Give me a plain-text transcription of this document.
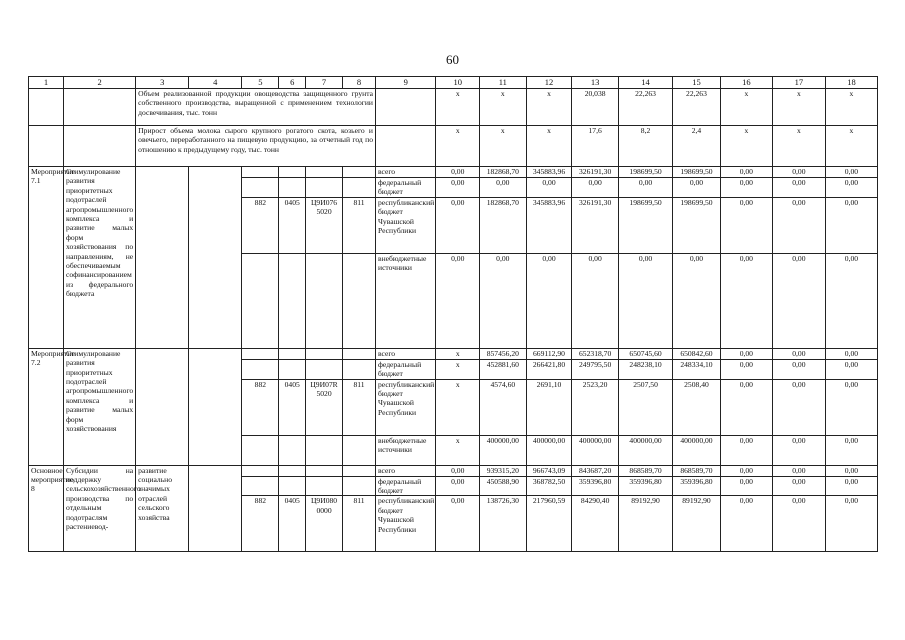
60
1	2	3	4	5	6	7	8	9	10	11	12	13	14	15	16	17	18
		Объем реализованной продукции овощеводства защищенного грунта собственного производства, выращенной с применением технологии досвечивания, тыс. тонн							x	x	x	20,038	22,263	22,263	x	x	x
		Прирост объема молока сырого крупного рогатого скота, козьего и овечьего, переработанного на пищевую продукцию, за отчетный год по отношению к предыдущему году, тыс. тонн							x	x	x	17,6	8,2	2,4	x	x	x
Мероприятие 7.1	Стимулирование развития приоритетных подотраслей агропромышленного комплекса и развитие малых форм хозяйствования по направлениям, не обеспечиваемым софинансированием из федерального бюджета							всего	0,00	182868,70	345883,96	326191,30	198699,50	198699,50	0,00	0,00	0,00
								федеральный бюджет	0,00	0,00	0,00	0,00	0,00	0,00	0,00	0,00	0,00
				882	0405	Ц9И076 5020	811	республиканский бюджет Чувашской Республики	0,00	182868,70	345883,96	326191,30	198699,50	198699,50	0,00	0,00	0,00
								внебюджетные источники	0,00	0,00	0,00	0,00	0,00	0,00	0,00	0,00	0,00
Мероприятие 7.2	Стимулирование развития приоритетных подотраслей агропромышленного комплекса и развитие малых форм хозяйствования							всего	x	857456,20	669112,90	652318,70	650745,60	650842,60	0,00	0,00	0,00
								федеральный бюджет	x	452881,60	266421,80	249795,50	248238,10	248334,10	0,00	0,00	0,00
				882	0405	Ц9И07R 5020	811	республиканский бюджет Чувашской Республики	x	4574,60	2691,10	2523,20	2507,50	2508,40	0,00	0,00	0,00
								внебюджетные источники	x	400000,00	400000,00	400000,00	400000,00	400000,00	0,00	0,00	0,00
Основное мероприятие 8	Субсидии на поддержку сельскохозяйственного производства по отдельным подотраслям растениевод-	развитие социально значимых отраслей сельского хозяйства						всего	0,00	939315,20	966743,09	843687,20	868589,70	868589,70	0,00	0,00	0,00
								федеральный бюджет	0,00	450588,90	368782,50	359396,80	359396,80	359396,80	0,00	0,00	0,00
				882	0405	Ц9И080 0000	811	республиканский бюджет Чувашской Республики	0,00	138726,30	217960,59	84290,40	89192,90	89192,90	0,00	0,00	0,00
